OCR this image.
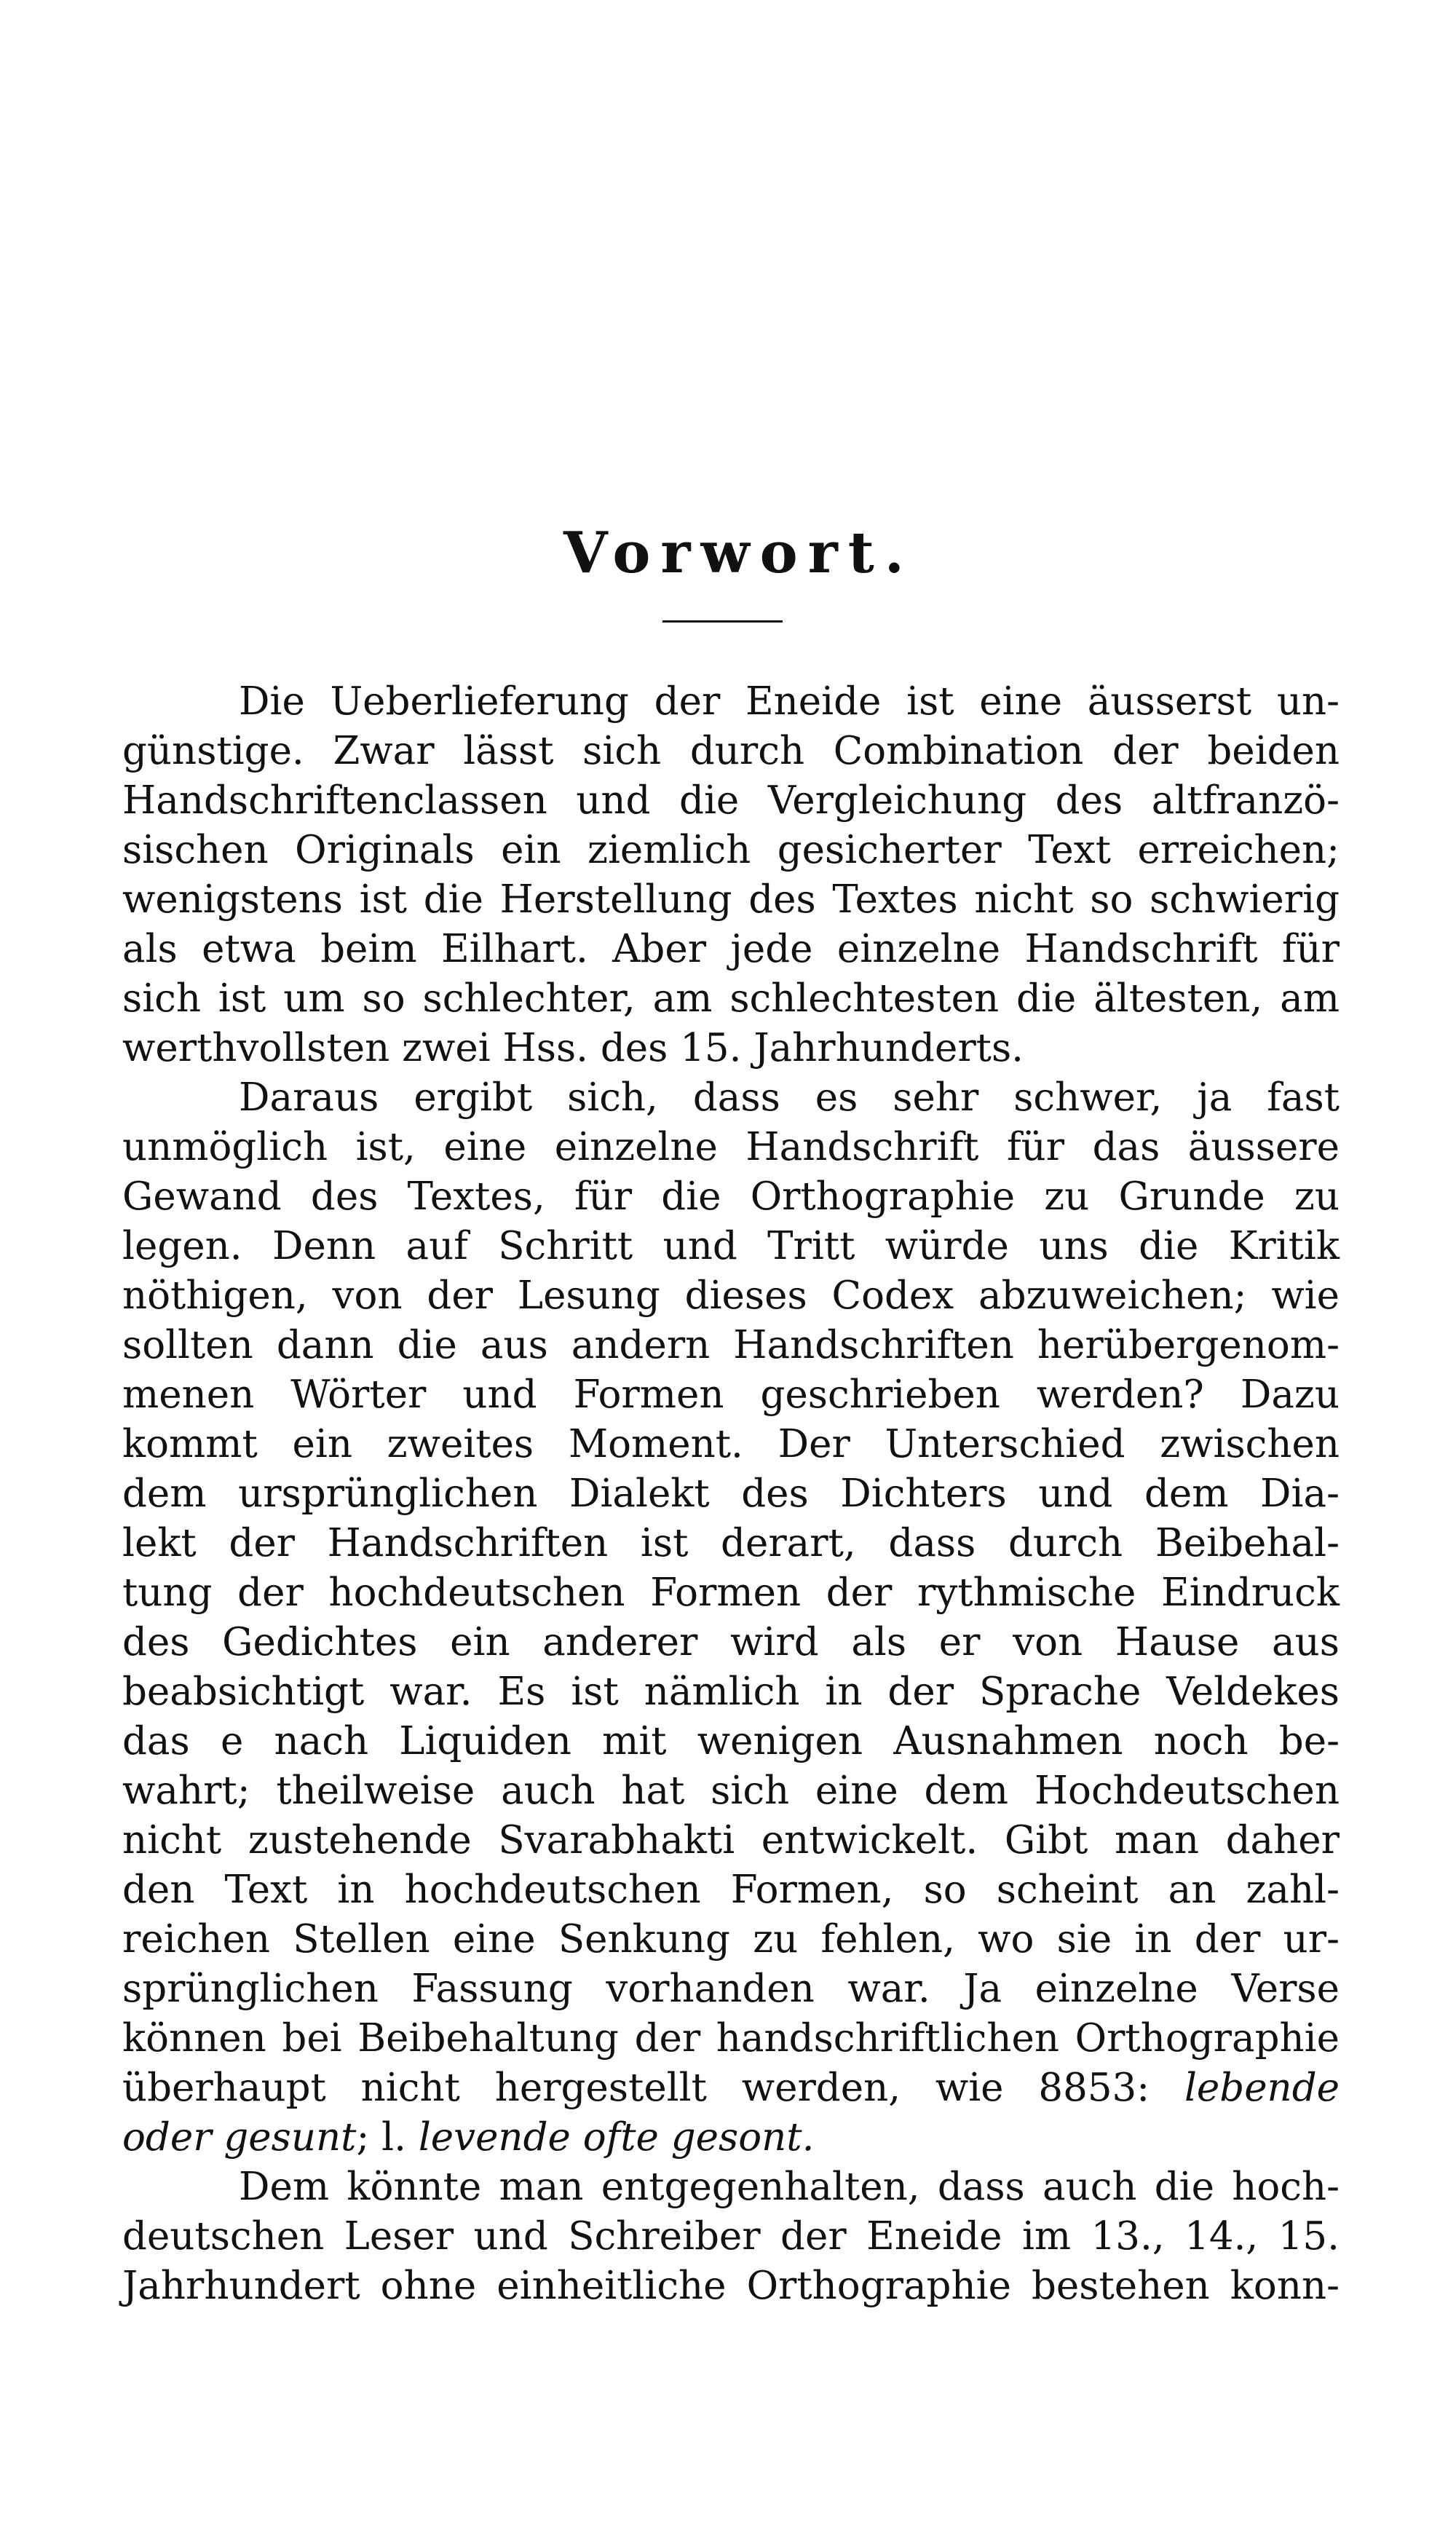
Vorwort.
Die Ueberlieferung der Eneide ist eine äusserst un-
günstige. Zwar lässt sich durch Combination der beiden
Handschriftenclassen und die Vergleichung des altfranzö-
sischen Originals ein ziemlich gesicherter Text erreichen;
wenigstens ist die Herstellung des Textes nicht so schwierig
als etwa beim Eilhart. Aber jede einzelne Handschrift für
sich ist um so schlechter, am schlechtesten die ältesten, am
werthvollsten zwei Hss. des 15. Jahrhunderts.
Daraus ergibt sich, dass es sehr schwer, ja fast
unmöglich ist, eine einzelne Handschrift für das äussere
Gewand des Textes, für die Orthographie zu Grunde zu
legen. Denn auf Schritt und Tritt würde uns die Kritik
nöthigen, von der Lesung dieses Codex abzuweichen; wie
sollten dann die aus andern Handschriften herübergenom-
menen Wörter und Formen geschrieben werden? Dazu
kommt ein zweites Moment. Der Unterschied zwischen
dem ursprünglichen Dialekt des Dichters und dem Dia-
lekt der Handschriften ist derart, dass durch Beibehal-
tung der hochdeutschen Formen der rythmische Eindruck
des Gedichtes ein anderer wird als er von Hause aus
beabsichtigt war. Es ist nämlich in der Sprache Veldekes
das e nach Liquiden mit wenigen Ausnahmen noch be-
wahrt; theilweise auch hat sich eine dem Hochdeutschen
nicht zustehende Svarabhakti entwickelt. Gibt man daher
den Text in hochdeutschen Formen, so scheint an zahl-
reichen Stellen eine Senkung zu fehlen, wo sie in der ur-
sprünglichen Fassung vorhanden war. Ja einzelne Verse
können bei Beibehaltung der handschriftlichen Orthographie
überhaupt nicht hergestellt werden, wie 8853: lebende
oder gesunt; l. levende ofte gesont.
Dem könnte man entgegenhalten, dass auch die hoch-
deutschen Leser und Schreiber der Eneide im 13., 14., 15.
Jahrhundert ohne einheitliche Orthographie bestehen konn-
